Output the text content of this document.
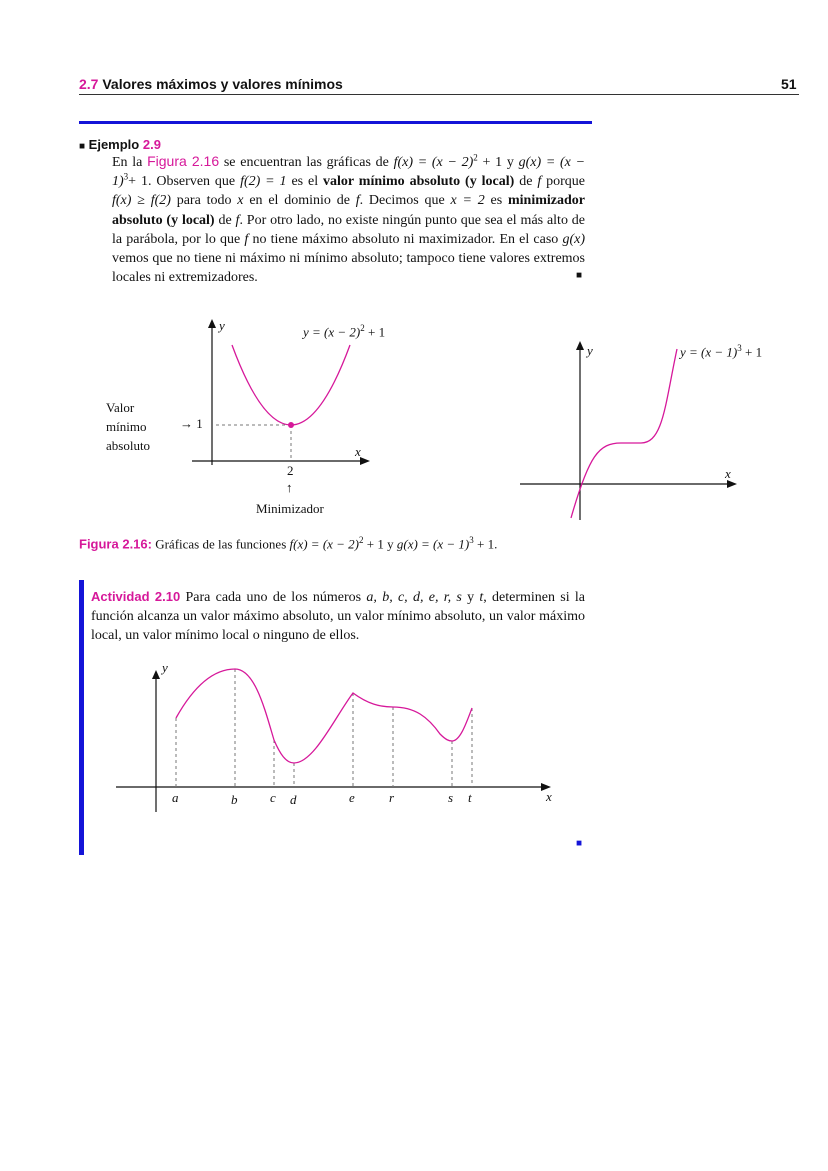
2.7 Valores máximos y valores mínimos	51
■ Ejemplo 2.9
En la Figura 2.16 se encuentran las gráficas de $f(x) = (x - 2)^2 + 1$ y $g(x) = (x - 1)^3+ 1$. Observen que f(2) = 1 es el valor mínimo absoluto (y local) de f porque f(x) ≥ f(2) para todo x en el dominio de f. Decimos que x = 2 es minimizador absoluto (y local) de f. Por otro lado, no existe ningún punto que sea el más alto de la parábola, por lo que f no tiene máximo absoluto ni maximizador. En el caso g(x) vemos que no tiene ni máximo ni mínimo absoluto; tampoco tiene valores extremos locales ni extremizadores.	■
y	$y = (x - 2)^2 + 1$
x
Valor
mínimo
absoluto
→ 1
2
↑
Minimizador
y	$y = (x - 1)^3 + 1$
x
Figura 2.16: Gráficas de las funciones $f(x) = (x - 2)^2 + 1$ y $g(x) = (x - 1)^3 + 1$.
Actividad 2.10 Para cada uno de los números a, b, c, d, e, r, s y t, determinen si la función alcanza un valor máximo absoluto, un valor mínimo absoluto, un valor máximo local, un valor mínimo local o ninguno de ellos.
y
x
a	b	c d	e	r	s t
■
